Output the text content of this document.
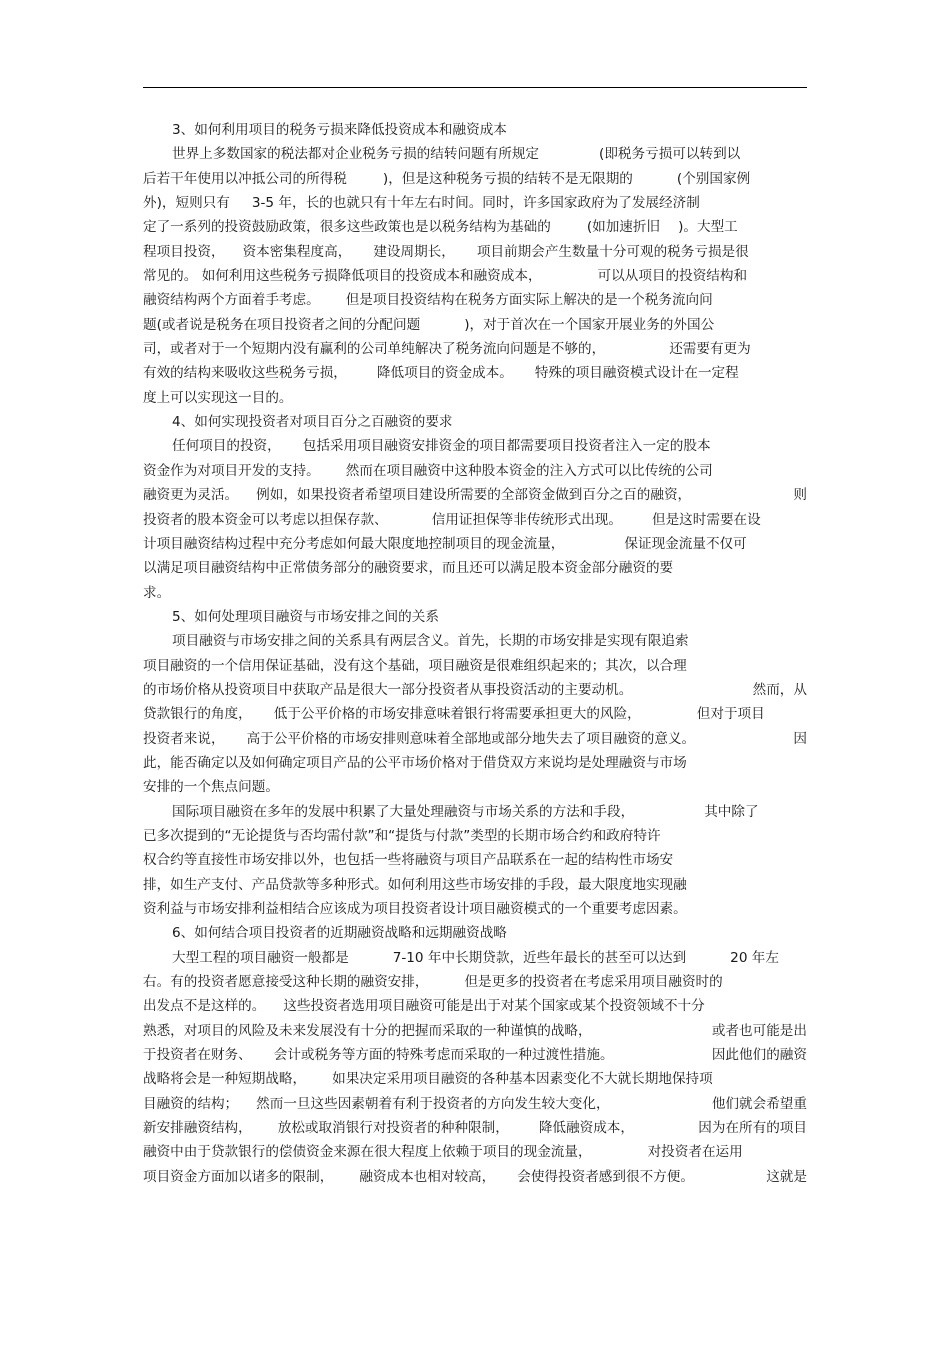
3、如何利用项目的税务亏损来降低投资成本和融资成本
世界上多数国家的税法都对企业税务亏损的结转问题有所规定	(即税务亏损可以转到以
后若干年使用以冲抵公司的所得税	)，但是这种税务亏损的结转不是无限期的	(个别国家例
外)，短则只有 3-5 年，长的也就只有十年左右时间。同时，许多国家政府为了发展经济制
定了一系列的投资鼓励政策，很多这些政策也是以税务结构为基础的	(如加速折旧 )。大型工
程项目投资， 资本密集程度高， 建设周期长， 项目前期会产生数量十分可观的税务亏损是很
常见的。 如何利用这些税务亏损降低项目的投资成本和融资成本，	可以从项目的投资结构和
融资结构两个方面着手考虑。 但是项目投资结构在税务方面实际上解决的是一个税务流向问
题(或者说是税务在项目投资者之间的分配问题	)，对于首次在一个国家开展业务的外国公
司，或者对于一个短期内没有赢利的公司单纯解决了税务流向问题是不够的，	还需要有更为
有效的结构来吸收这些税务亏损， 降低项目的资金成本。 特殊的项目融资模式设计在一定程
度上可以实现这一目的。
4、如何实现投资者对项目百分之百融资的要求
任何项目的投资， 包括采用项目融资安排资金的项目都需要项目投资者注入一定的股本
资金作为对项目开发的支持。 然而在项目融资中这种股本资金的注入方式可以比传统的公司
融资更为灵活。 例如，如果投资者希望项目建设所需要的全部资金做到百分之百的融资，	则
投资者的股本资金可以考虑以担保存款、	信用证担保等非传统形式出现。 但是这时需要在设
计项目融资结构过程中充分考虑如何最大限度地控制项目的现金流量，	保证现金流量不仅可
以满足项目融资结构中正常债务部分的融资要求，而且还可以满足股本资金部分融资的要
求。
5、如何处理项目融资与市场安排之间的关系
项目融资与市场安排之间的关系具有两层含义。首先，长期的市场安排是实现有限追索
项目融资的一个信用保证基础，没有这个基础，项目融资是很难组织起来的；其次，以合理
的市场价格从投资项目中获取产品是很大一部分投资者从事投资活动的主要动机。	然而，从
贷款银行的角度， 低于公平价格的市场安排意味着银行将需要承担更大的风险，	但对于项目
投资者来说， 高于公平价格的市场安排则意味着全部地或部分地失去了项目融资的意义。	因
此，能否确定以及如何确定项目产品的公平市场价格对于借贷双方来说均是处理融资与市场
安排的一个焦点问题。
国际项目融资在多年的发展中积累了大量处理融资与市场关系的方法和手段，	其中除了
已多次提到的“无论提货与否均需付款”和“提货与付款”类型的长期市场合约和政府特许
权合约等直接性市场安排以外，也包括一些将融资与项目产品联系在一起的结构性市场安
排，如生产支付、产品贷款等多种形式。如何利用这些市场安排的手段，最大限度地实现融
资利益与市场安排利益相结合应该成为项目投资者设计项目融资模式的一个重要考虑因素。
6、如何结合项目投资者的近期融资战略和远期融资战略
大型工程的项目融资一般都是	7-10 年中长期贷款，近些年最长的甚至可以达到	20 年左
右。有的投资者愿意接受这种长期的融资安排，	但是更多的投资者在考虑采用项目融资时的
出发点不是这样的。 这些投资者选用项目融资可能是出于对某个国家或某个投资领域不十分
熟悉，对项目的风险及未来发展没有十分的把握而采取的一种谨慎的战略，	或者也可能是出
于投资者在财务、 会计或税务等方面的特殊考虑而采取的一种过渡性措施。	因此他们的融资
战略将会是一种短期战略， 如果决定采用项目融资的各种基本因素变化不大就长期地保持项
目融资的结构； 然而一旦这些因素朝着有利于投资者的方向发生较大变化，	他们就会希望重
新安排融资结构， 放松或取消银行对投资者的种种限制， 降低融资成本，	因为在所有的项目
融资中由于贷款银行的偿债资金来源在很大程度上依赖于项目的现金流量，	对投资者在运用
项目资金方面加以诸多的限制， 融资成本也相对较高， 会使得投资者感到很不方便。	这就是
